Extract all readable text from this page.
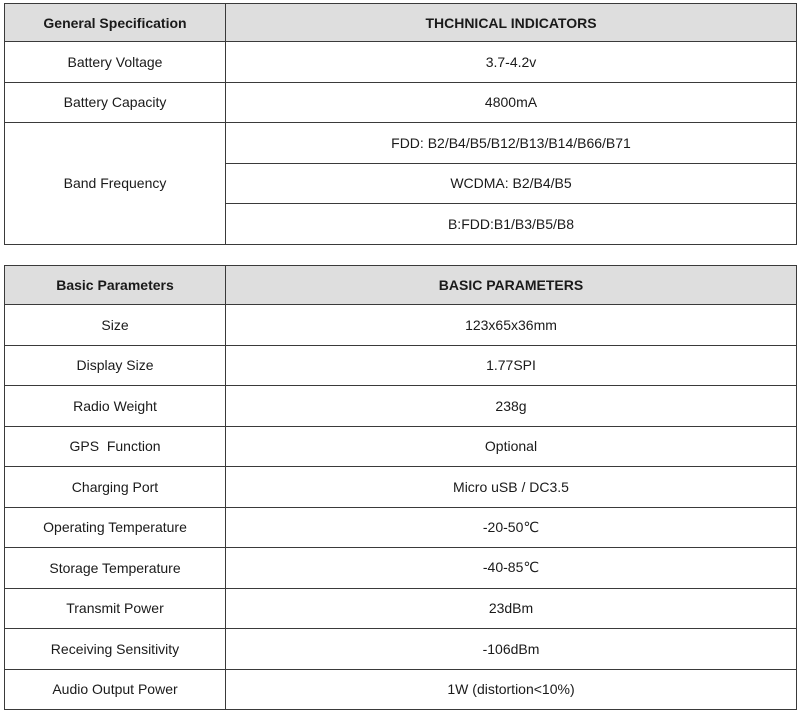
General Specification	THCHNICAL INDICATORS
Battery Voltage	3.7-4.2v
Battery Capacity	4800mA
Band Frequency	FDD: B2/B4/B5/B12/B13/B14/B66/B71
	WCDMA: B2/B4/B5
	B:FDD:B1/B3/B5/B8
Basic Parameters	BASIC PARAMETERS
Size	123x65x36mm
Display Size	1.77SPI
Radio Weight	238g
GPS  Function	Optional
Charging Port	Micro uSB / DC3.5
Operating Temperature	-20-50℃
Storage Temperature	-40-85℃
Transmit Power	23dBm
Receiving Sensitivity	-106dBm
Audio Output Power	1W (distortion<10%)
